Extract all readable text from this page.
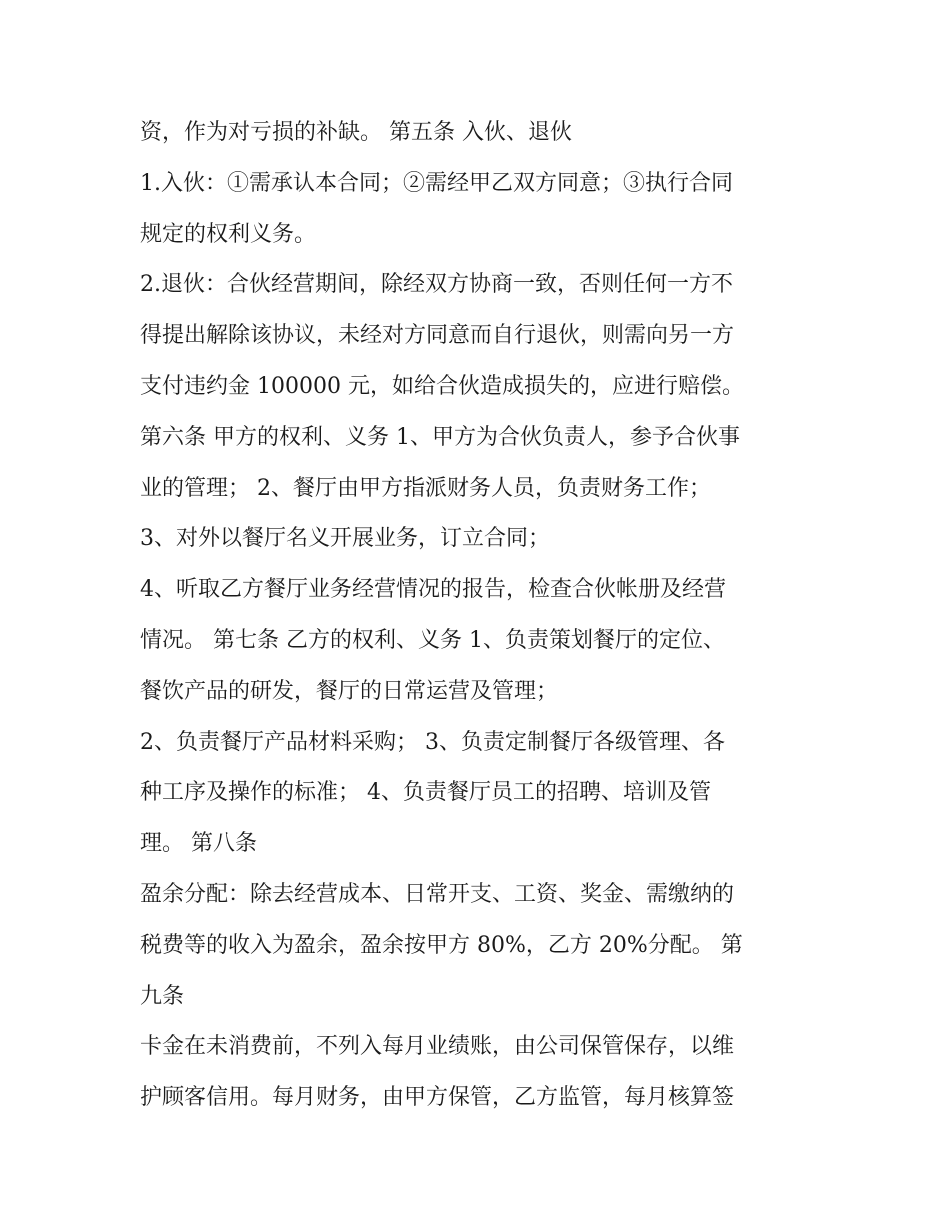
资，作为对亏损的补缺。 第五条 入伙、退伙
1.入伙：①需承认本合同；②需经甲乙双方同意；③执行合同
规定的权利义务。
2.退伙：合伙经营期间，除经双方协商一致，否则任何一方不
得提出解除该协议，未经对方同意而自行退伙，则需向另一方
支付违约金 100000 元，如给合伙造成损失的，应进行赔偿。
第六条 甲方的权利、义务 1、甲方为合伙负责人，参予合伙事
业的管理； 2、餐厅由甲方指派财务人员，负责财务工作；
3、对外以餐厅名义开展业务，订立合同；
4、听取乙方餐厅业务经营情况的报告，检查合伙帐册及经营
情况。 第七条 乙方的权利、义务 1、负责策划餐厅的定位、
餐饮产品的研发，餐厅的日常运营及管理；
2、负责餐厅产品材料采购； 3、负责定制餐厅各级管理、各
种工序及操作的标准； 4、负责餐厅员工的招聘、培训及管
理。 第八条
盈余分配：除去经营成本、日常开支、工资、奖金、需缴纳的
税费等的收入为盈余，盈余按甲方 80%，乙方 20%分配。 第
九条
卡金在未消费前，不列入每月业绩账，由公司保管保存，以维
护顾客信用。每月财务，由甲方保管，乙方监管，每月核算签
